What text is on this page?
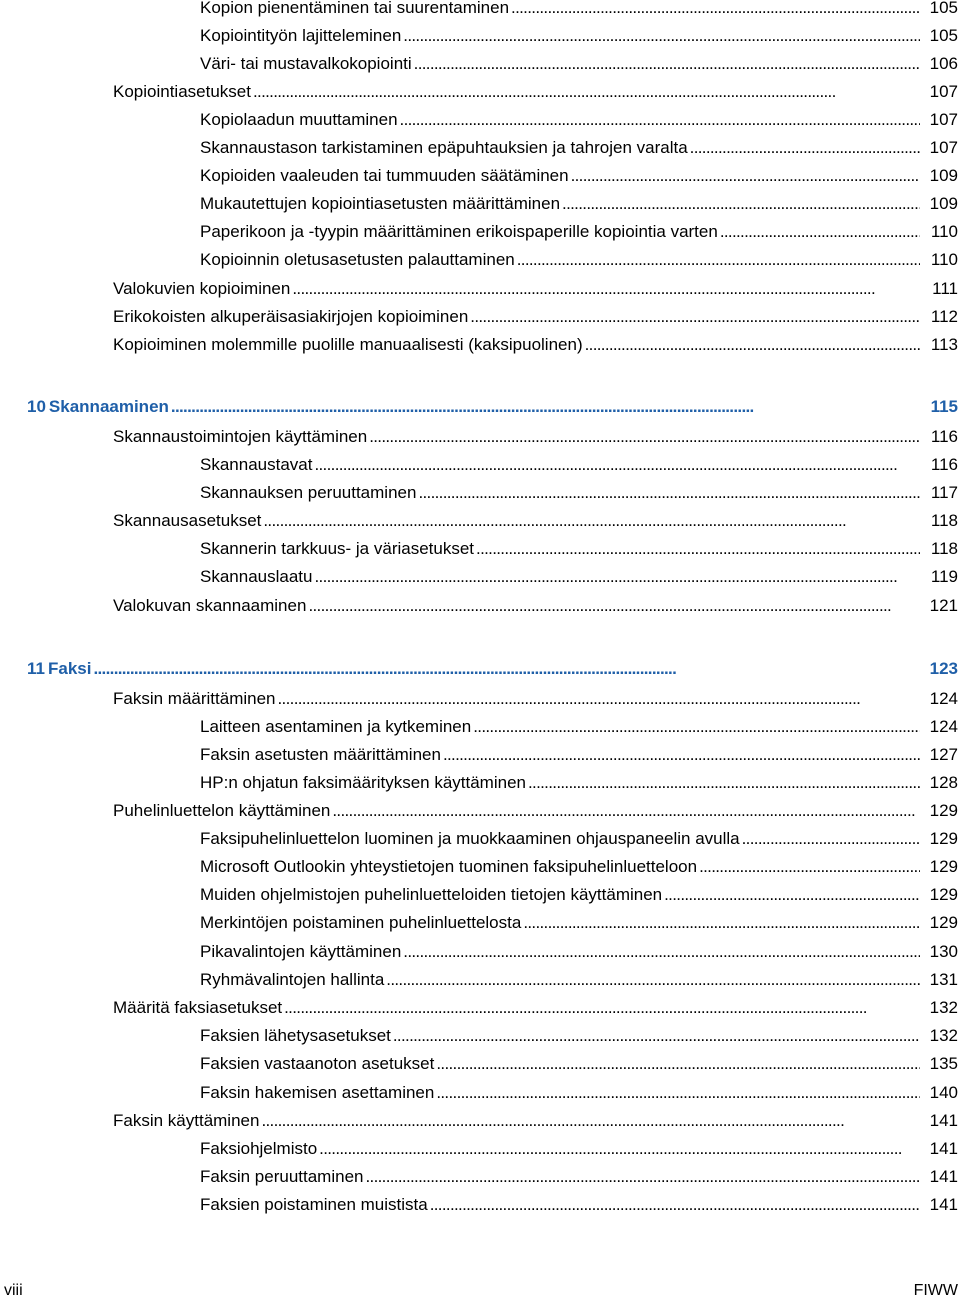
Kopion pienentäminen tai suurentaminen . . .	105
Kopiointityön lajitteleminen . . .	105
Väri- tai mustavalkokopiointi . . .	106
Kopiointiasetukset . . .	107
Kopiolaadun muuttaminen . . .	107
Skannaustason tarkistaminen epäpuhtauksien ja tahrojen varalta . . .	107
Kopioiden vaaleuden tai tummuuden säätäminen . . .	109
Mukautettujen kopiointiasetusten määrittäminen . . .	109
Paperikoon ja -tyypin määrittäminen erikoispaperille kopiointia varten . . .	110
Kopioinnin oletusasetusten palauttaminen . . .	110
Valokuvien kopioiminen . . .	111
Erikokoisten alkuperäisasiakirjojen kopioiminen . . .	112
Kopioiminen molemmille puolille manuaalisesti (kaksipuolinen) . . .	113
10 Skannaaminen . . .	115
Skannaustoimintojen käyttäminen . . .	116
Skannaustavat . . .	116
Skannauksen peruuttaminen . . .	117
Skannausasetukset . . .	118
Skannerin tarkkuus- ja väriasetukset . . .	118
Skannauslaatu . . .	119
Valokuvan skannaaminen . . .	121
11 Faksi . . .	123
Faksin määrittäminen . . .	124
Laitteen asentaminen ja kytkeminen . . .	124
Faksin asetusten määrittäminen . . .	127
HP:n ohjatun faksimäärityksen käyttäminen . . .	128
Puhelinluettelon käyttäminen . . .	129
Faksipuhelinluettelon luominen ja muokkaaminen ohjauspaneelin avulla . . .	129
Microsoft Outlookin yhteystietojen tuominen faksipuhelinluetteloon . . .	129
Muiden ohjelmistojen puhelinluetteloiden tietojen käyttäminen . . .	129
Merkintöjen poistaminen puhelinluettelosta . . .	129
Pikavalintojen käyttäminen . . .	130
Ryhmävalintojen hallinta . . .	131
Määritä faksiasetukset . . .	132
Faksien lähetysasetukset . . .	132
Faksien vastaanoton asetukset . . .	135
Faksin hakemisen asettaminen . . .	140
Faksin käyttäminen . . .	141
Faksiohjelmisto . . .	141
Faksin peruuttaminen . . .	141
Faksien poistaminen muistista . . .	141
viii	FIWW
